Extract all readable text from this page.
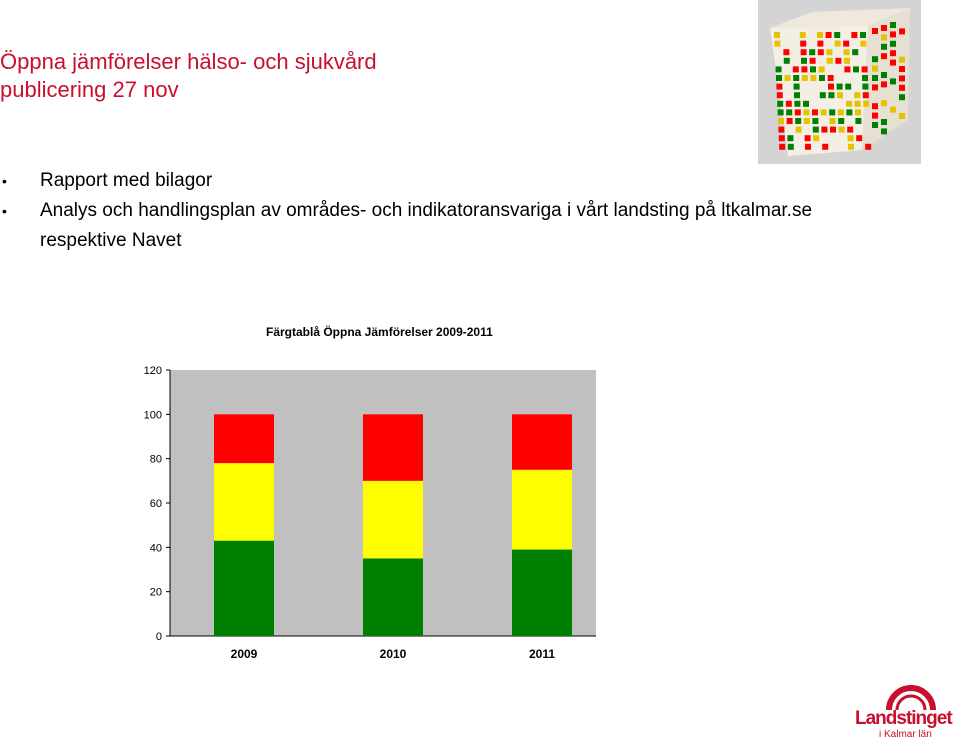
Öppna jämförelser hälso- och sjukvård
publicering 27 nov
• Rapport med bilagor
• Analys och handlingsplan av områdes- och indikatoransvariga i vårt landsting på ltkalmar.se respektive Navet
Färgtablå Öppna Jämförelser 2009-2011
0
20
40
60
80
100
120
2009	2010	2011
Landstinget
i Kalmar län
